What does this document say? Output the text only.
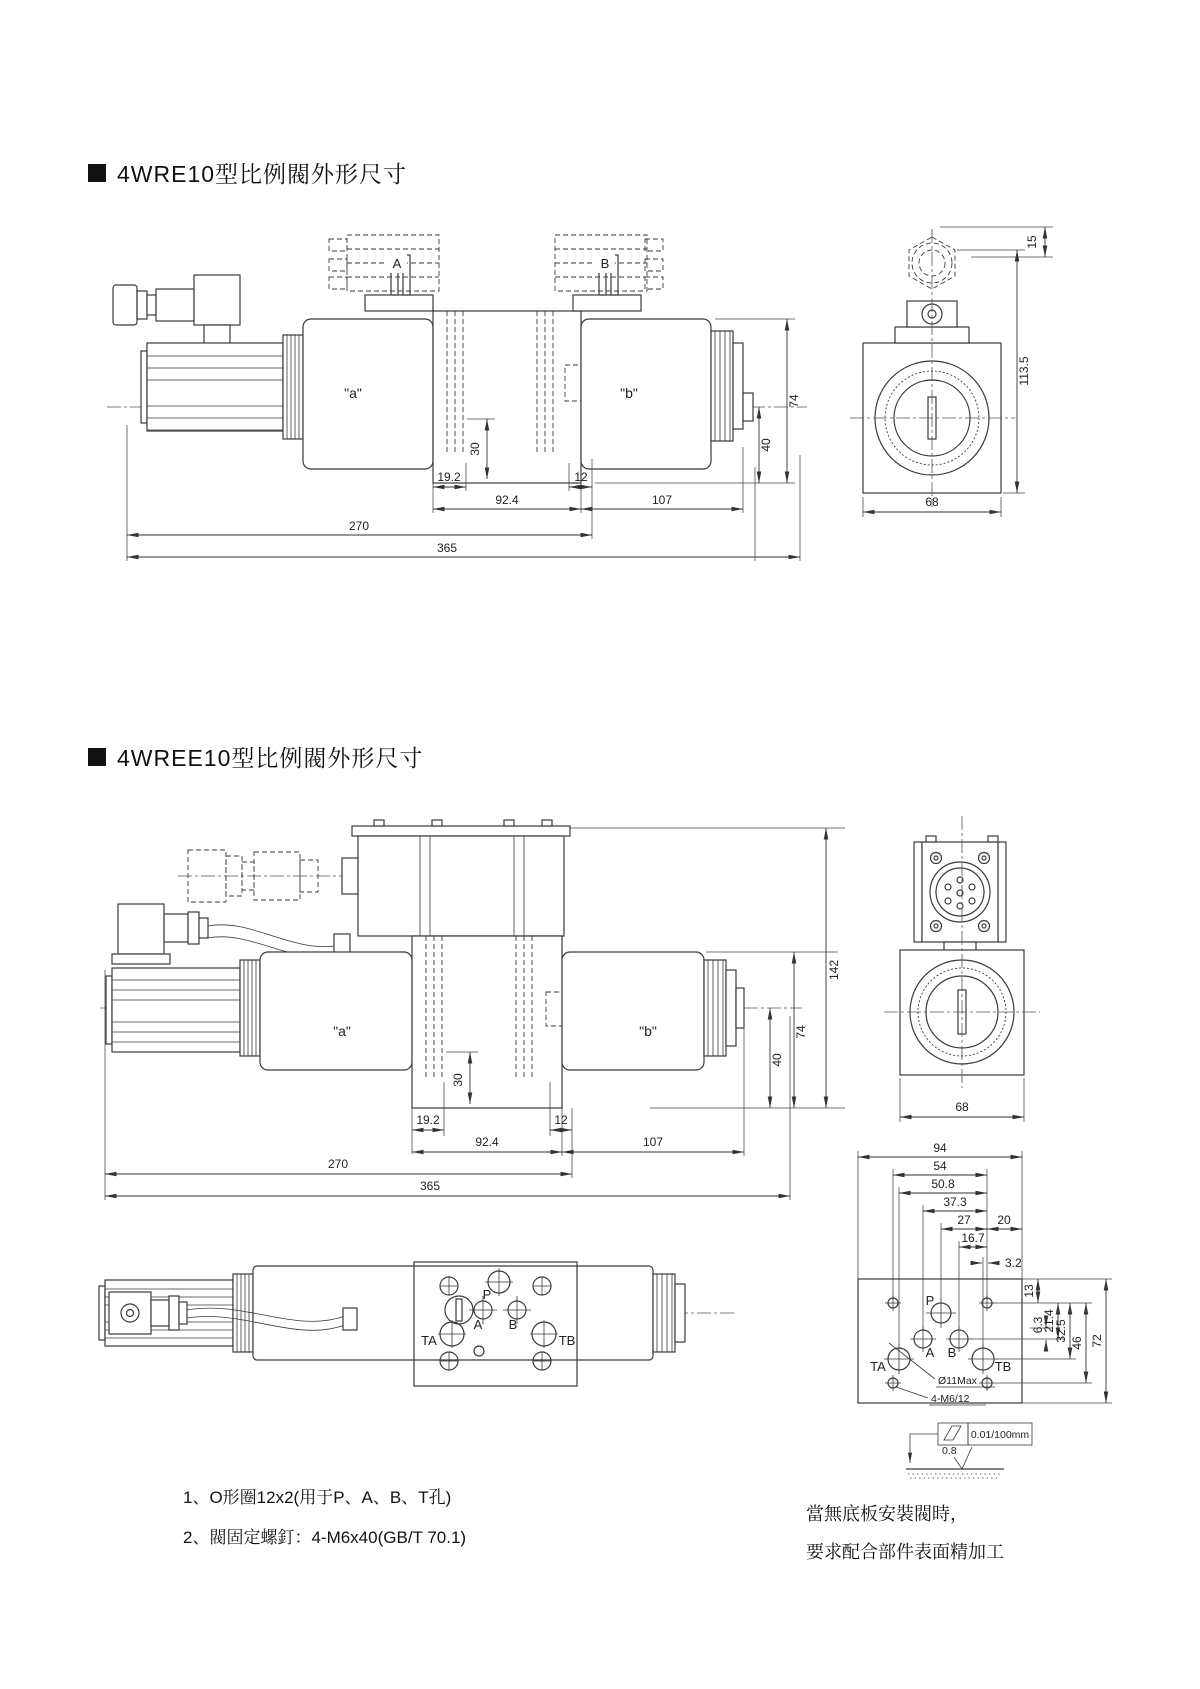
4WRE10型比例閥外形尺寸
A	B
"a"	"b"
30
19.2	12
92.4	107
270
365
74
40
15
113.5
68
4WREE10型比例閥外形尺寸
"a"	"b"
30
19.2	12
92.4	107
270
365
40
74
142
68
P
A B
TA	TB
P
A B
TA	TB
Ø11Max
4-M6/12
94
54
50.8
37.3
27 20
16.7
3.2
13
6.3
21.4
32.5
46 72
0.01/100mm
0.8
1、O形圈12x2(用于P、A、B、T孔)
2、閥固定螺釘：4-M6x40(GB/T 70.1)
當無底板安裝閥時，
要求配合部件表面精加工
